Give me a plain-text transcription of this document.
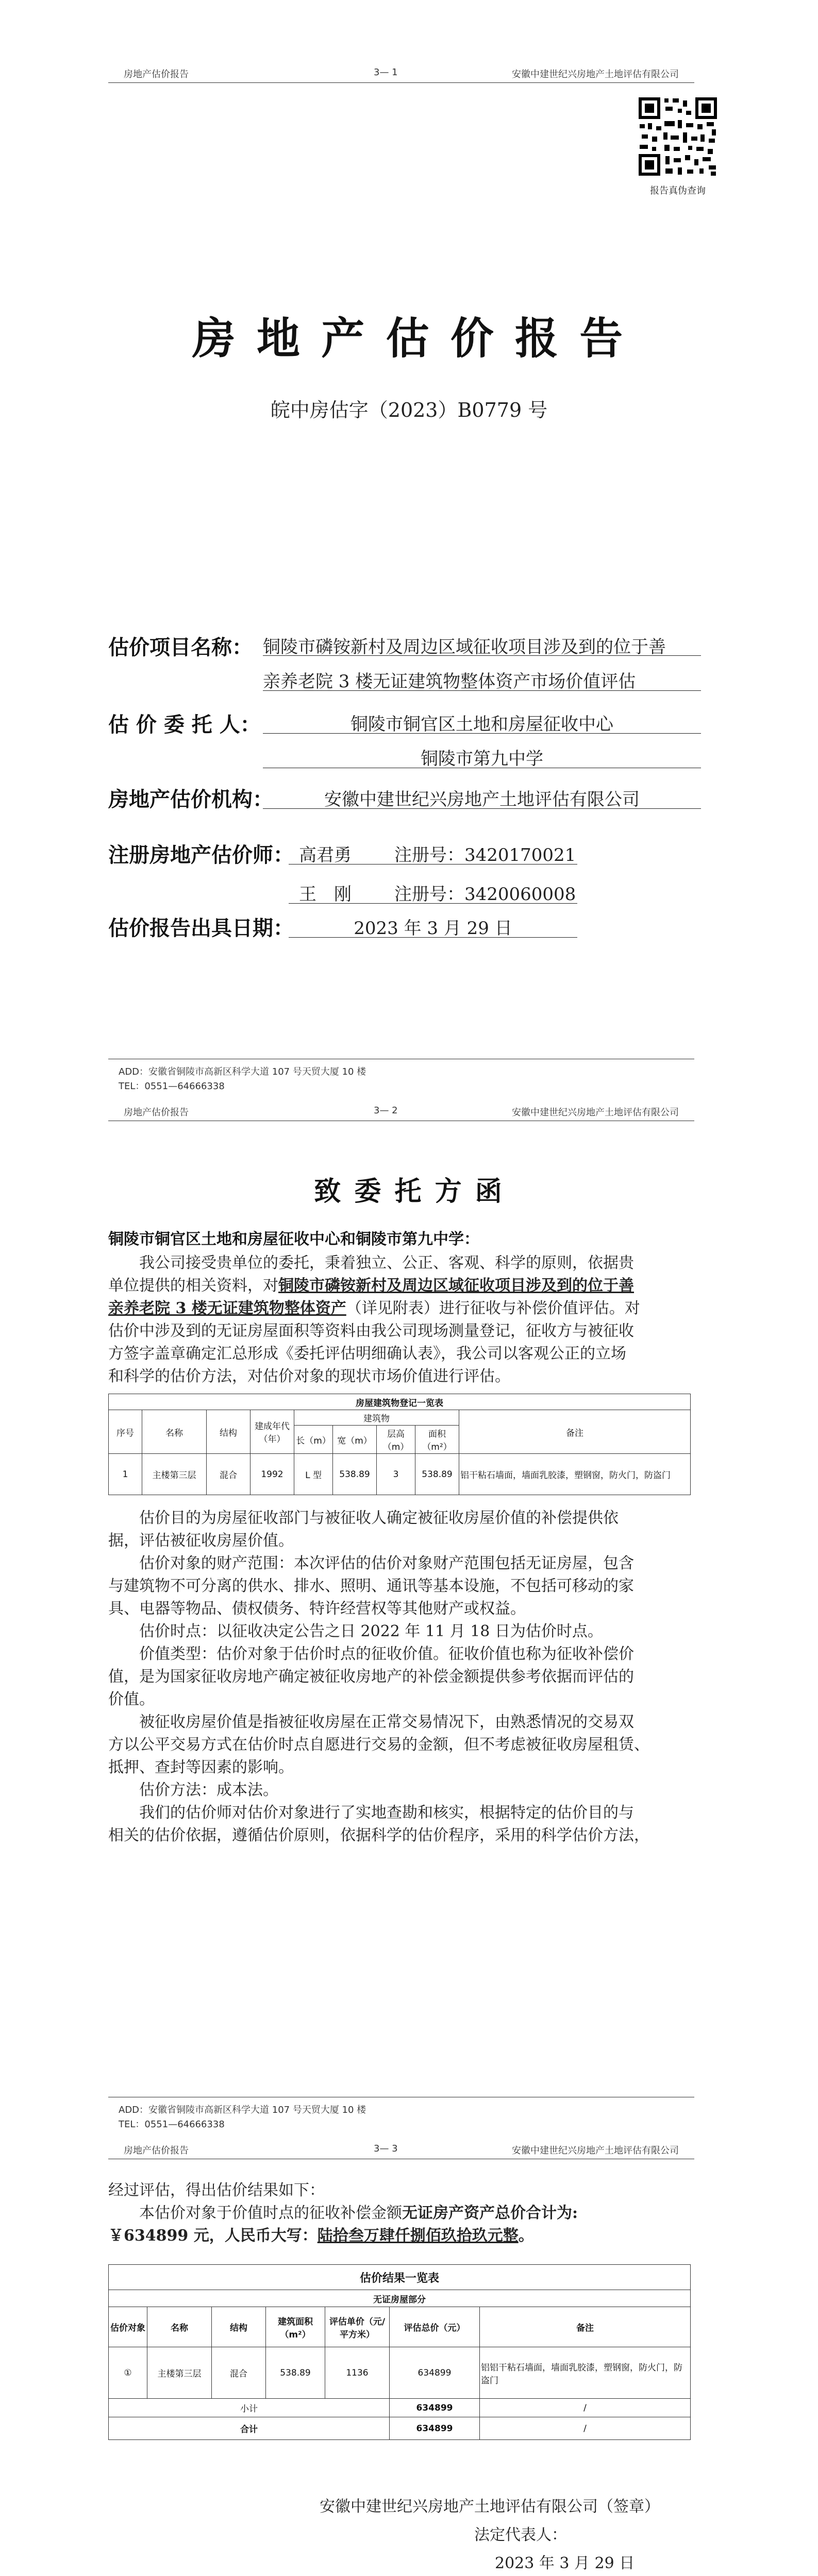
房地产估价报告	3— 1	安徽中建世纪兴房地产土地评估有限公司
报告真伪查询
房 地 产 估 价 报 告
皖中房估字（2023）B0779 号
估价项目名称： 铜陵市磷铵新村及周边区域征收项目涉及到的位于善
亲养老院 3 楼无证建筑物整体资产市场价值评估
估 价 委 托 人：	铜陵市铜官区土地和房屋征收中心
铜陵市第九中学
房地产估价机构：	安徽中建世纪兴房地产土地评估有限公司
注册房地产估价师： 高君勇 注册号：3420170021
王　刚 注册号：3420060008
估价报告出具日期：	2023 年 3 月 29 日
ADD：安徽省铜陵市高新区科学大道 107 号天贸大厦 10 楼
TEL：0551—64666338
房地产估价报告	3— 2	安徽中建世纪兴房地产土地评估有限公司
致 委 托 方 函
铜陵市铜官区土地和房屋征收中心和铜陵市第九中学：
我公司接受贵单位的委托，秉着独立、公正、客观、科学的原则，依据贵
单位提供的相关资料，对铜陵市磷铵新村及周边区域征收项目涉及到的位于善
亲养老院 3 楼无证建筑物整体资产（详见附表）进行征收与补偿价值评估。对
估价中涉及到的无证房屋面积等资料由我公司现场测量登记，征收方与被征收
方签字盖章确定汇总形成《委托评估明细确认表》，我公司以客观公正的立场
和科学的估价方法，对估价对象的现状市场价值进行评估。
房屋建筑物登记一览表								
序号	名称	结构	建成年代（年）	建筑物				备注
				长（m）	宽（m）	层高（m）	面积（m²）	
1	主楼第三层	混合	1992	L 型	538.89	3	538.89	铝干粘石墙面，墙面乳胶漆，塑钢窗，防火门，防盗门
估价目的为房屋征收部门与被征收人确定被征收房屋价值的补偿提供依
据，评估被征收房屋价值。
估价对象的财产范围：本次评估的估价对象财产范围包括无证房屋，包含
与建筑物不可分离的供水、排水、照明、通讯等基本设施，不包括可移动的家
具、电器等物品、债权债务、特许经营权等其他财产或权益。
估价时点：以征收决定公告之日 2022 年 11 月 18 日为估价时点。
价值类型：估价对象于估价时点的征收价值。征收价值也称为征收补偿价
值，是为国家征收房地产确定被征收房地产的补偿金额提供参考依据而评估的
价值。
被征收房屋价值是指被征收房屋在正常交易情况下，由熟悉情况的交易双
方以公平交易方式在估价时点自愿进行交易的金额，但不考虑被征收房屋租赁、
抵押、查封等因素的影响。
估价方法：成本法。
我们的估价师对估价对象进行了实地查勘和核实，根据特定的估价目的与
相关的估价依据，遵循估价原则，依据科学的估价程序，采用的科学估价方法，
ADD：安徽省铜陵市高新区科学大道 107 号天贸大厦 10 楼
TEL：0551—64666338
房地产估价报告	3— 3	安徽中建世纪兴房地产土地评估有限公司
经过评估，得出估价结果如下：
本估价对象于价值时点的征收补偿金额无证房产资产总价合计为:
￥634899 元，人民币大写：陆拾叁万肆仟捌佰玖拾玖元整。
估价结果一览表						
无证房屋部分						
估价对象	名称	结构	建筑面积（m²）	评估单价（元/平方米）	评估总价（元）	备注
①	主楼第三层	混合	538.89	1136	634899	铝铝干粘石墙面，墙面乳胶漆，塑钢窗，防火门，防盗门
小计					634899	/
合计					634899	/
安徽中建世纪兴房地产土地评估有限公司（签章）
法定代表人：
2023 年 3 月 29 日
